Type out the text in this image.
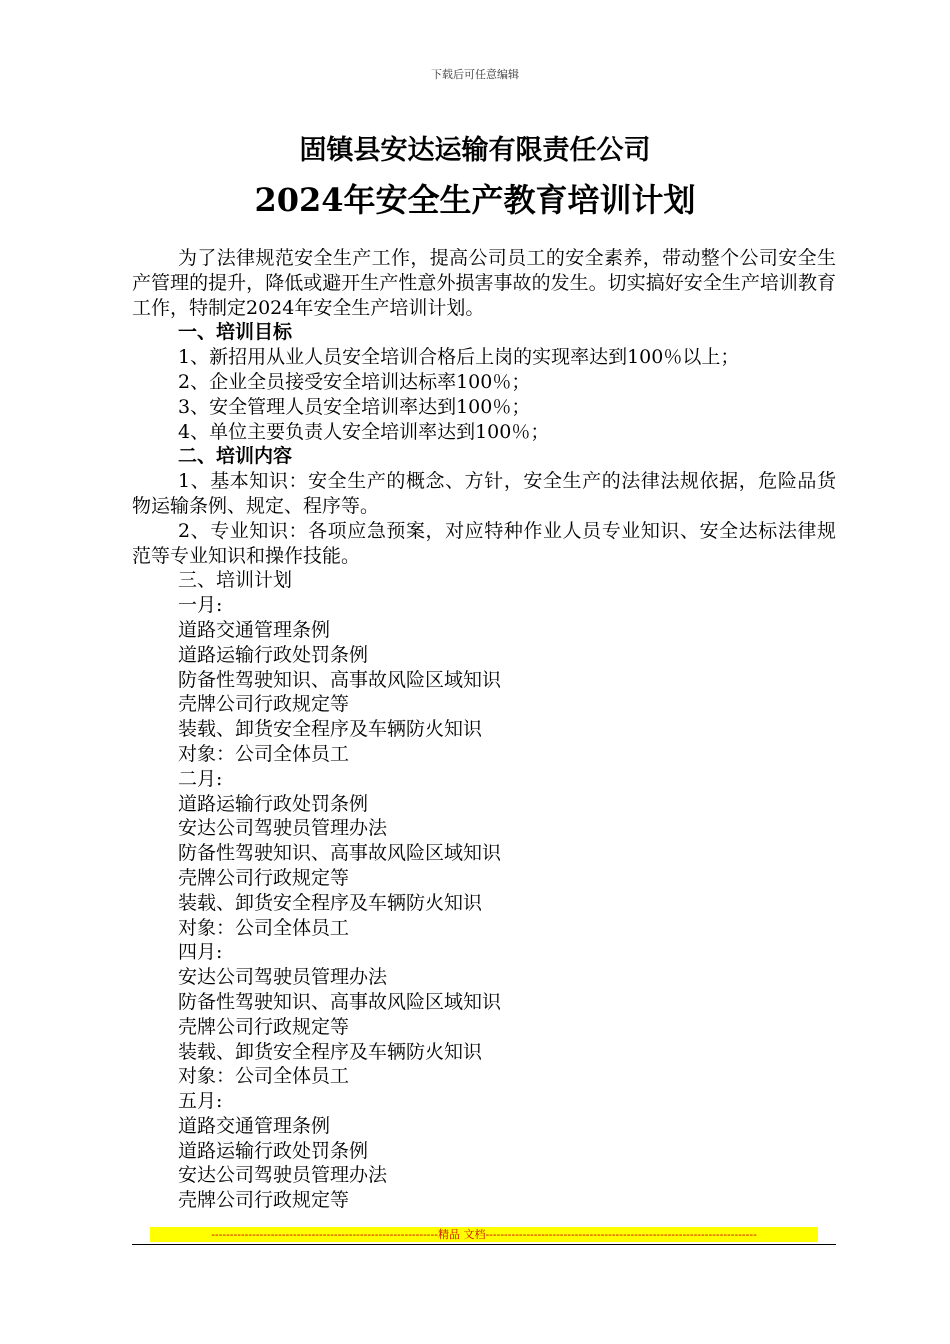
下载后可任意编辑
固镇县安达运输有限责任公司
2024年安全生产教育培训计划

为了法律规范安全生产工作，提高公司员工的安全素养，带动整个公司安全生产管理的提升，降低或避开生产性意外损害事故的发生。切实搞好安全生产培训教育工作，特制定2024年安全生产培训计划。

一、培训目标

1、新招用从业人员安全培训合格后上岗的实现率达到100％以上；

2、企业全员接受安全培训达标率100％；

3、安全管理人员安全培训率达到100％；

4、单位主要负责人安全培训率达到100％；

二、培训内容

1、基本知识：安全生产的概念、方针，安全生产的法律法规依据，危险品货物运输条例、规定、程序等。

2、专业知识：各项应急预案，对应特种作业人员专业知识、安全达标法律规范等专业知识和操作技能。

三、培训计划

一月:

道路交通管理条例

道路运输行政处罚条例

防备性驾驶知识、高事故风险区域知识

壳牌公司行政规定等

装载、卸货安全程序及车辆防火知识

对象：公司全体员工

二月:

道路运输行政处罚条例

安达公司驾驶员管理办法

防备性驾驶知识、高事故风险区域知识

壳牌公司行政规定等

装载、卸货安全程序及车辆防火知识

对象：公司全体员工

四月:

安达公司驾驶员管理办法

防备性驾驶知识、高事故风险区域知识

壳牌公司行政规定等

装载、卸货安全程序及车辆防火知识

对象：公司全体员工

五月:

道路交通管理条例

道路运输行政处罚条例

安达公司驾驶员管理办法

壳牌公司行政规定等

-------------------------------------------------------------精品 文档-------------------------------------------------------------------------
